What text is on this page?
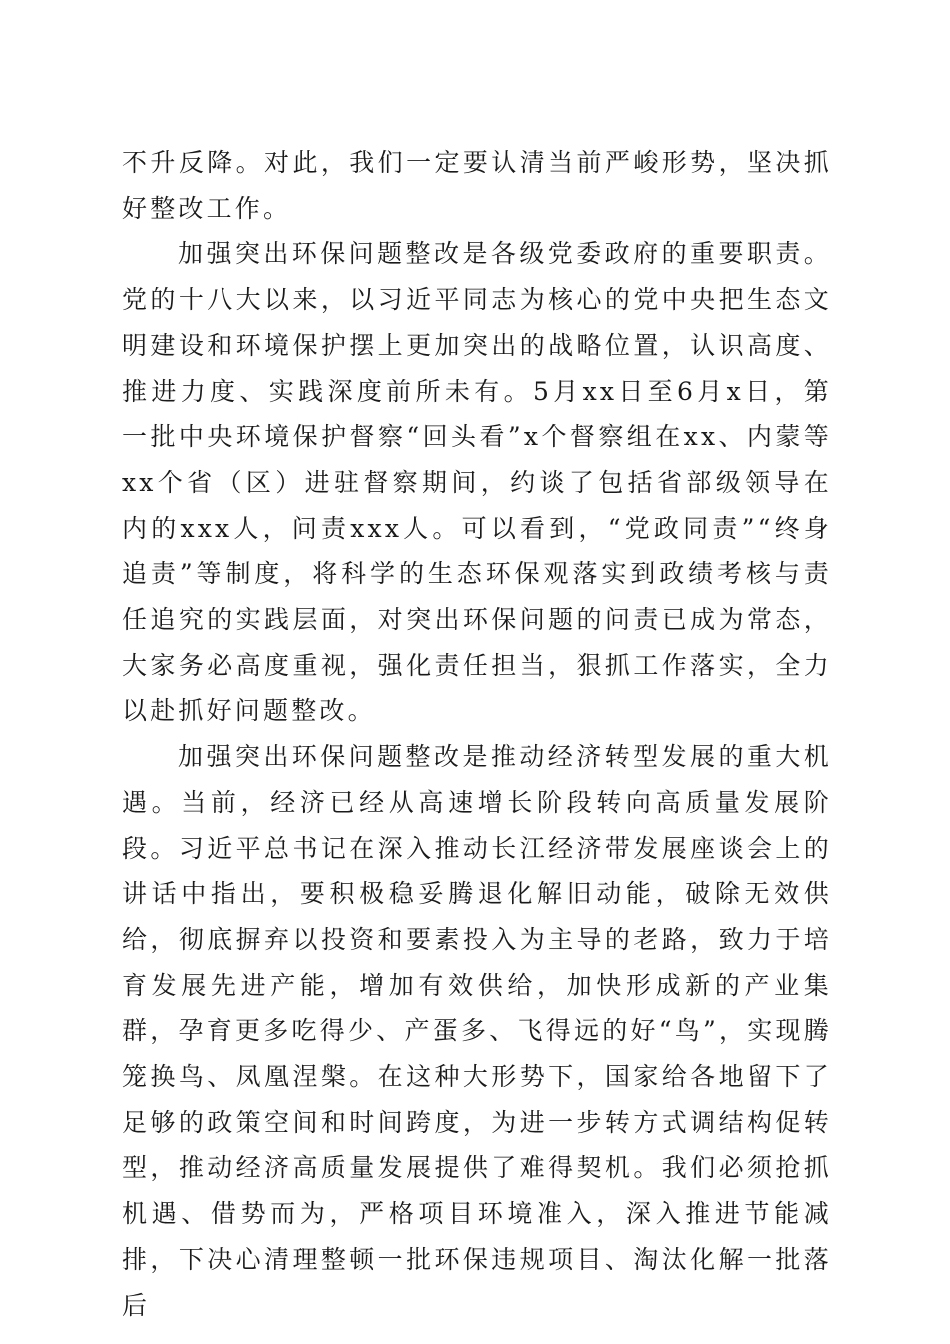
不升反降。对此，我们一定要认清当前严峻形势，坚决抓好整改工作。

加强突出环保问题整改是各级党委政府的重要职责。党的十八大以来，以习近平同志为核心的党中央把生态文明建设和环境保护摆上更加突出的战略位置，认识高度、推进力度、实践深度前所未有。5月xx日至6月x日，第一批中央环境保护督察“回头看”x个督察组在xx、内蒙等xx个省（区）进驻督察期间，约谈了包括省部级领导在内的xxx人，问责xxx人。可以看到，“党政同责”“终身追责”等制度，将科学的生态环保观落实到政绩考核与责任追究的实践层面，对突出环保问题的问责已成为常态，大家务必高度重视，强化责任担当，狠抓工作落实，全力以赴抓好问题整改。

加强突出环保问题整改是推动经济转型发展的重大机遇。当前，经济已经从高速增长阶段转向高质量发展阶段。习近平总书记在深入推动长江经济带发展座谈会上的讲话中指出，要积极稳妥腾退化解旧动能，破除无效供给，彻底摒弃以投资和要素投入为主导的老路，致力于培育发展先进产能，增加有效供给，加快形成新的产业集群，孕育更多吃得少、产蛋多、飞得远的好“鸟”，实现腾笼换鸟、凤凰涅槃。在这种大形势下，国家给各地留下了足够的政策空间和时间跨度，为进一步转方式调结构促转型，推动经济高质量发展提供了难得契机。我们必须抢抓机遇、借势而为，严格项目环境准入，深入推进节能减排，下决心清理整顿一批环保违规项目、淘汰化解一批落后
